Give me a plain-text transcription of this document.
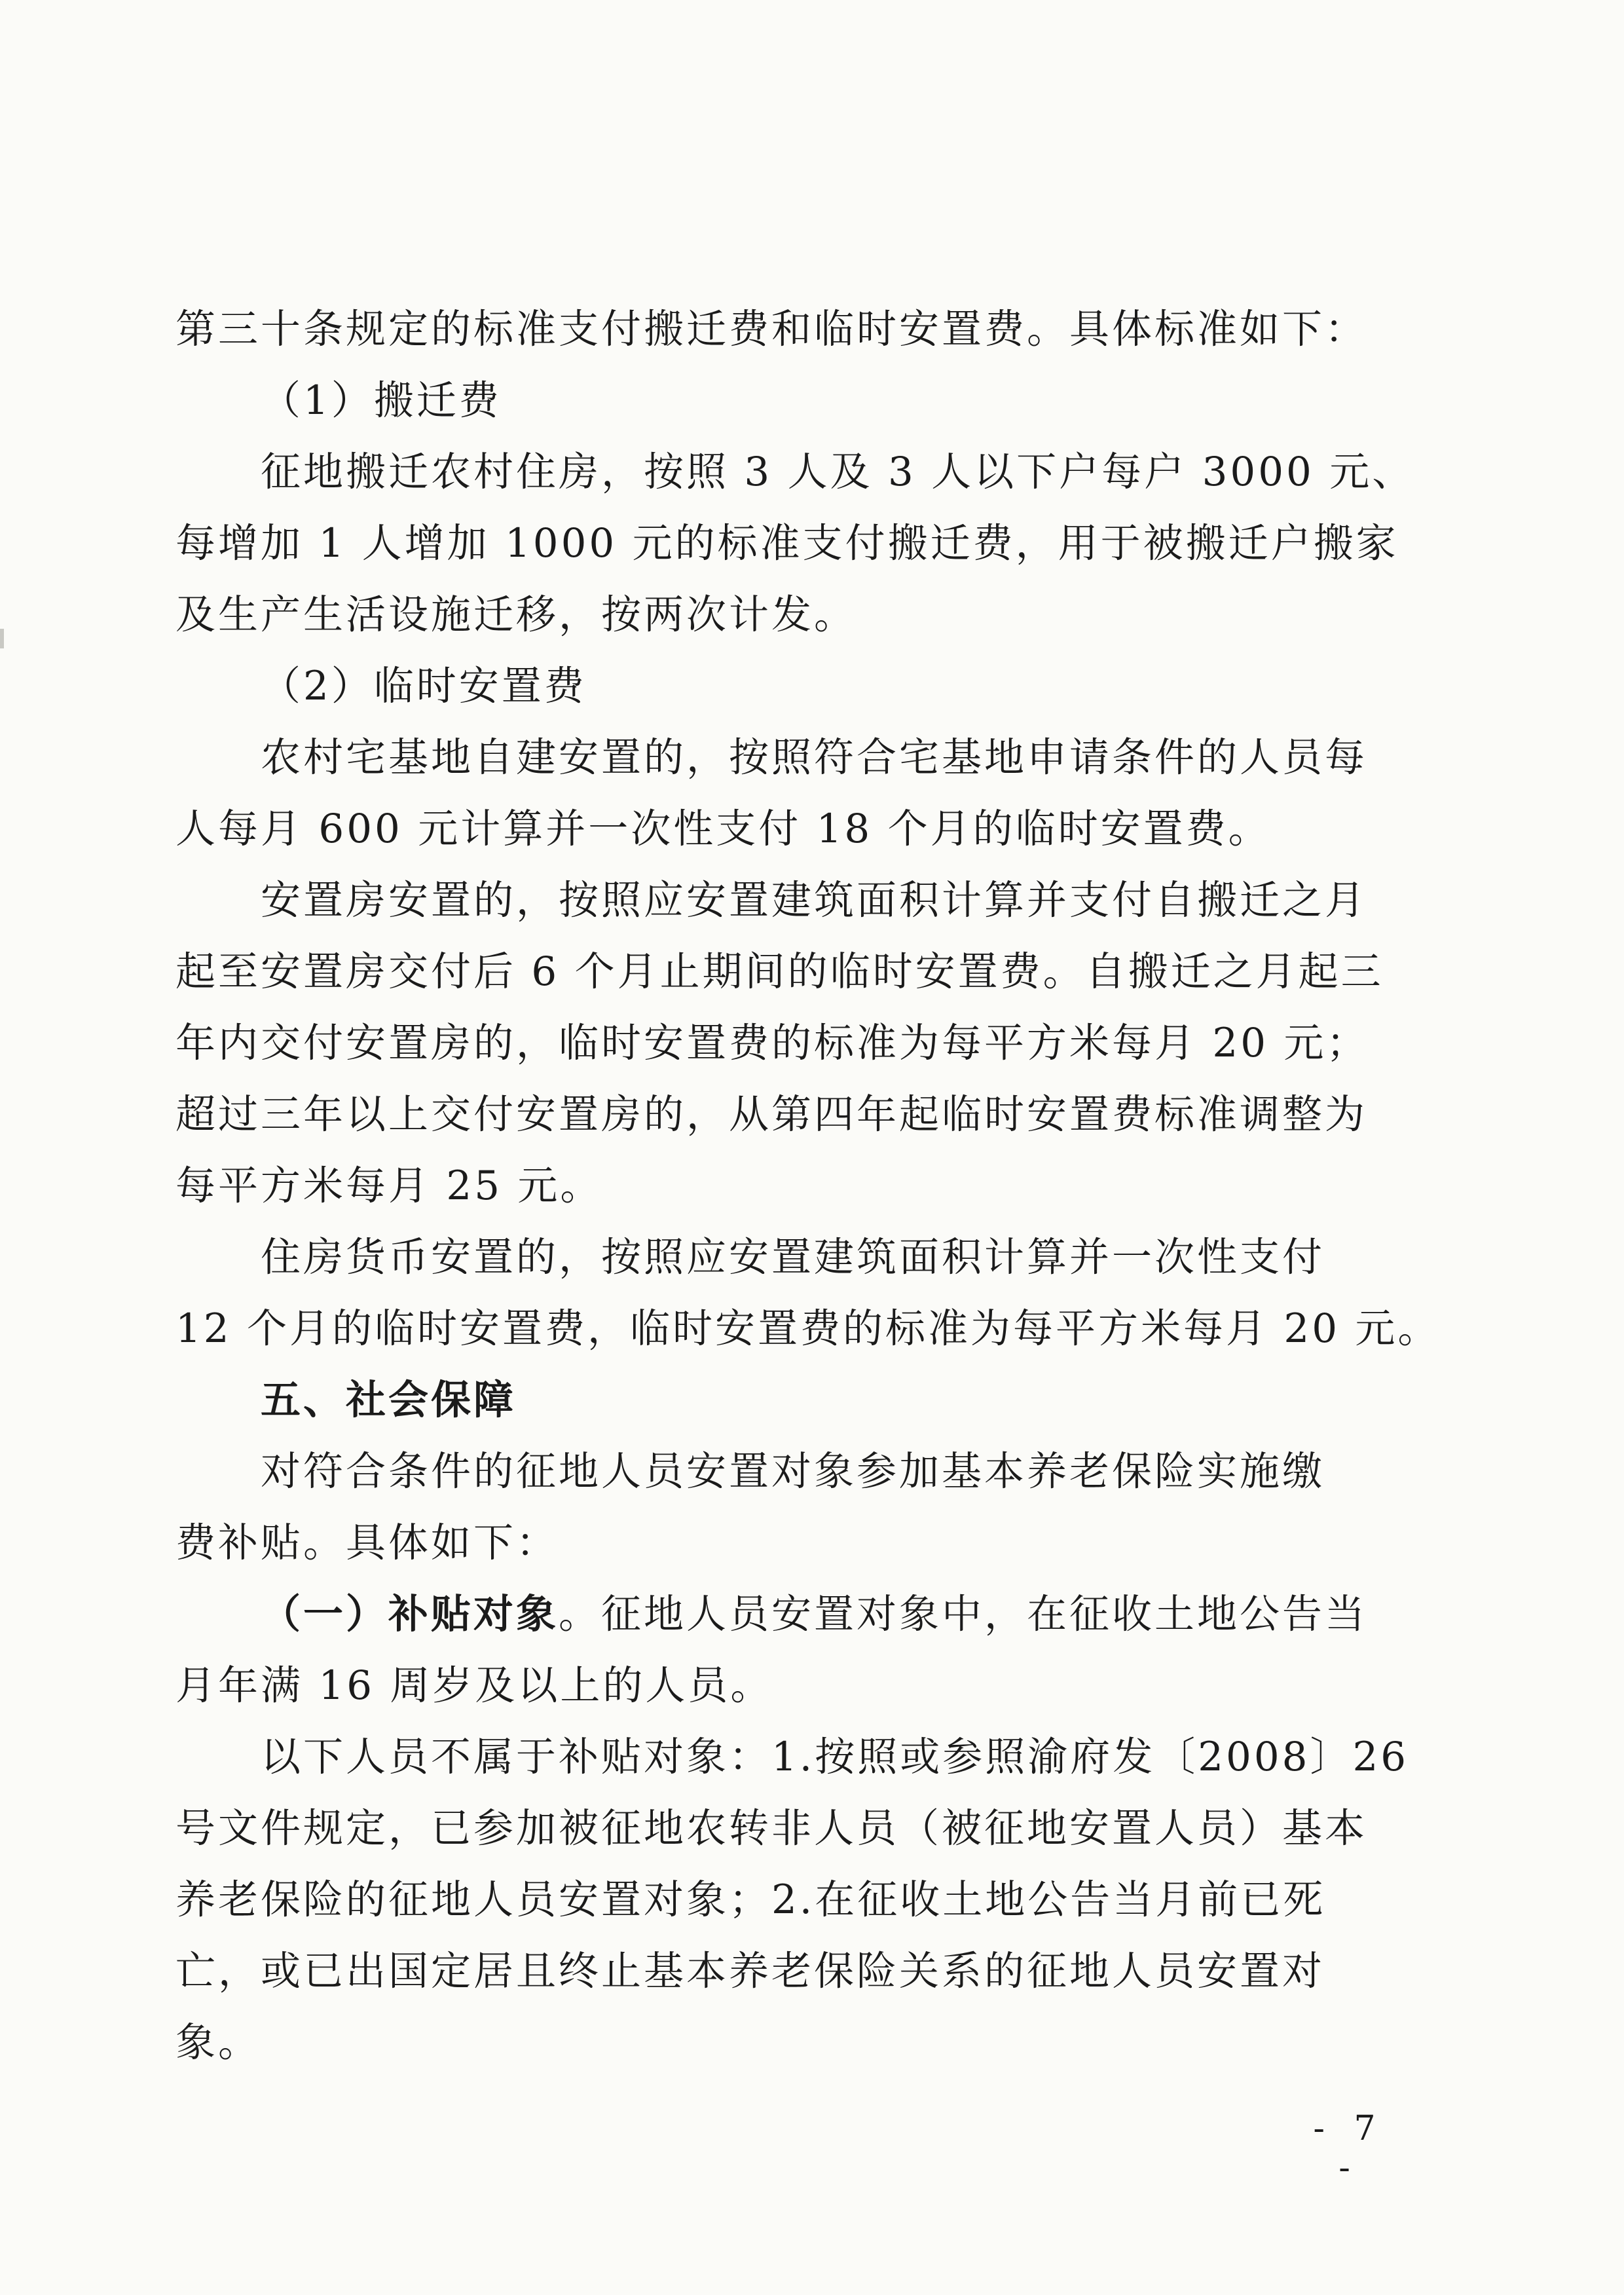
第三十条规定的标准支付搬迁费和临时安置费。具体标准如下：

（1）搬迁费

征地搬迁农村住房，按照 3 人及 3 人以下户每户 3000 元、

每增加 1 人增加 1000 元的标准支付搬迁费，用于被搬迁户搬家

及生产生活设施迁移，按两次计发。

（2）临时安置费

农村宅基地自建安置的，按照符合宅基地申请条件的人员每

人每月 600 元计算并一次性支付 18 个月的临时安置费。

安置房安置的，按照应安置建筑面积计算并支付自搬迁之月

起至安置房交付后 6 个月止期间的临时安置费。自搬迁之月起三

年内交付安置房的，临时安置费的标准为每平方米每月 20 元；

超过三年以上交付安置房的，从第四年起临时安置费标准调整为

每平方米每月 25 元。

住房货币安置的，按照应安置建筑面积计算并一次性支付

12 个月的临时安置费，临时安置费的标准为每平方米每月 20 元。

五、社会保障

对符合条件的征地人员安置对象参加基本养老保险实施缴

费补贴。具体如下：

（一）补贴对象。征地人员安置对象中，在征收土地公告当

月年满 16 周岁及以上的人员。

以下人员不属于补贴对象：1.按照或参照渝府发〔2008〕26

号文件规定，已参加被征地农转非人员（被征地安置人员）基本

养老保险的征地人员安置对象；2.在征收土地公告当月前已死

亡，或已出国定居且终止基本养老保险关系的征地人员安置对

象。

- 7 -
